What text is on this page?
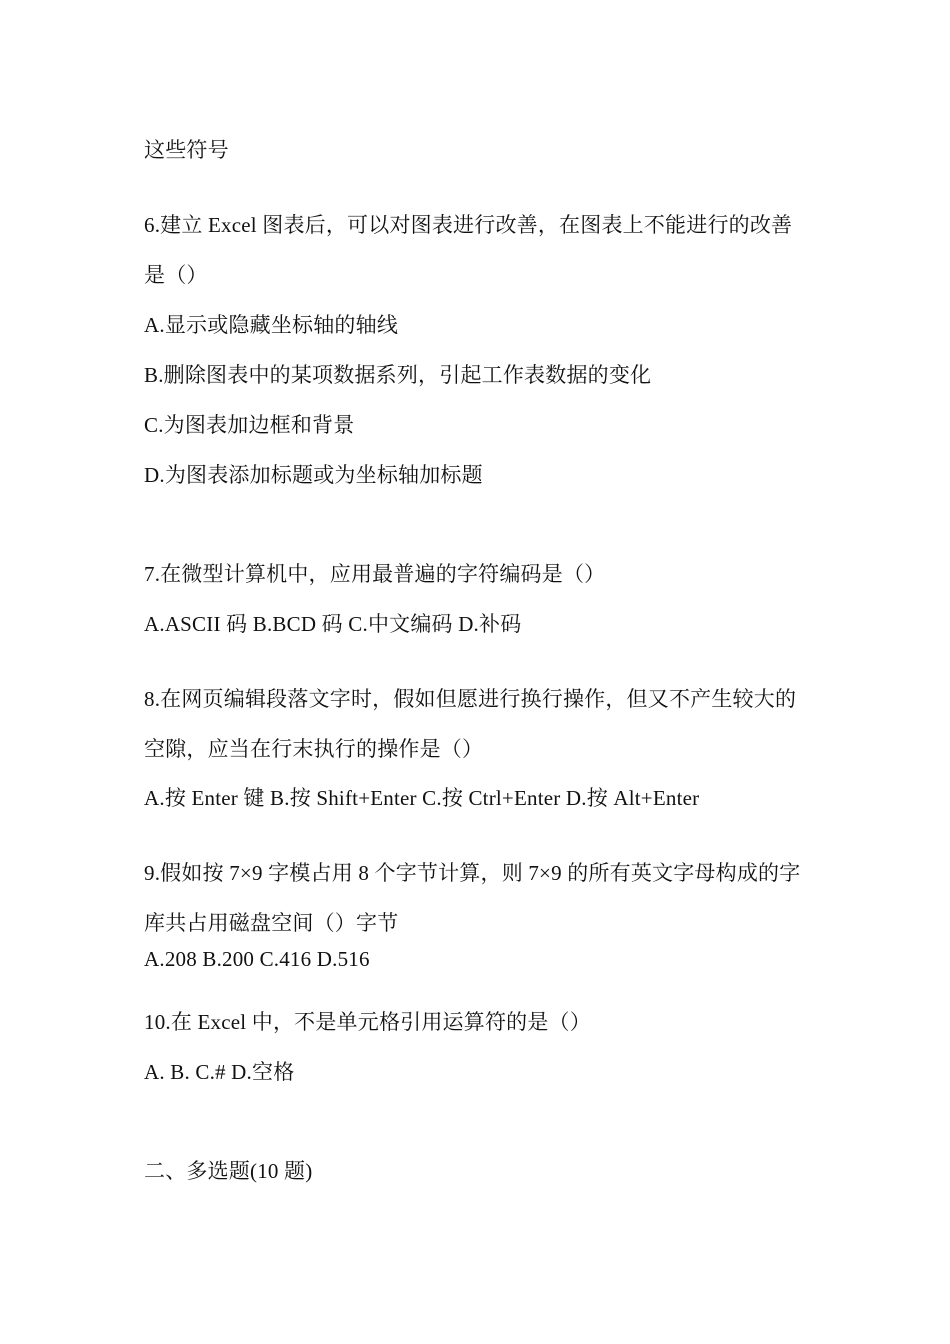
这些符号
6.建立 Excel 图表后，可以对图表进行改善，在图表上不能进行的改善
是（）
A.显示或隐藏坐标轴的轴线
B.删除图表中的某项数据系列，引起工作表数据的变化
C.为图表加边框和背景
D.为图表添加标题或为坐标轴加标题
7.在微型计算机中，应用最普遍的字符编码是（）
A.ASCII 码 B.BCD 码 C.中文编码 D.补码
8.在网页编辑段落文字时，假如但愿进行换行操作，但又不产生较大的
空隙，应当在行末执行的操作是（）
A.按 Enter 键 B.按 Shift+Enter C.按 Ctrl+Enter D.按 Alt+Enter
9.假如按 7×9 字模占用 8 个字节计算，则 7×9 的所有英文字母构成的字
库共占用磁盘空间（）字节
A.208 B.200 C.416 D.516
10.在 Excel 中，不是单元格引用运算符的是（）
A. B. C.# D.空格
二、多选题(10 题)
